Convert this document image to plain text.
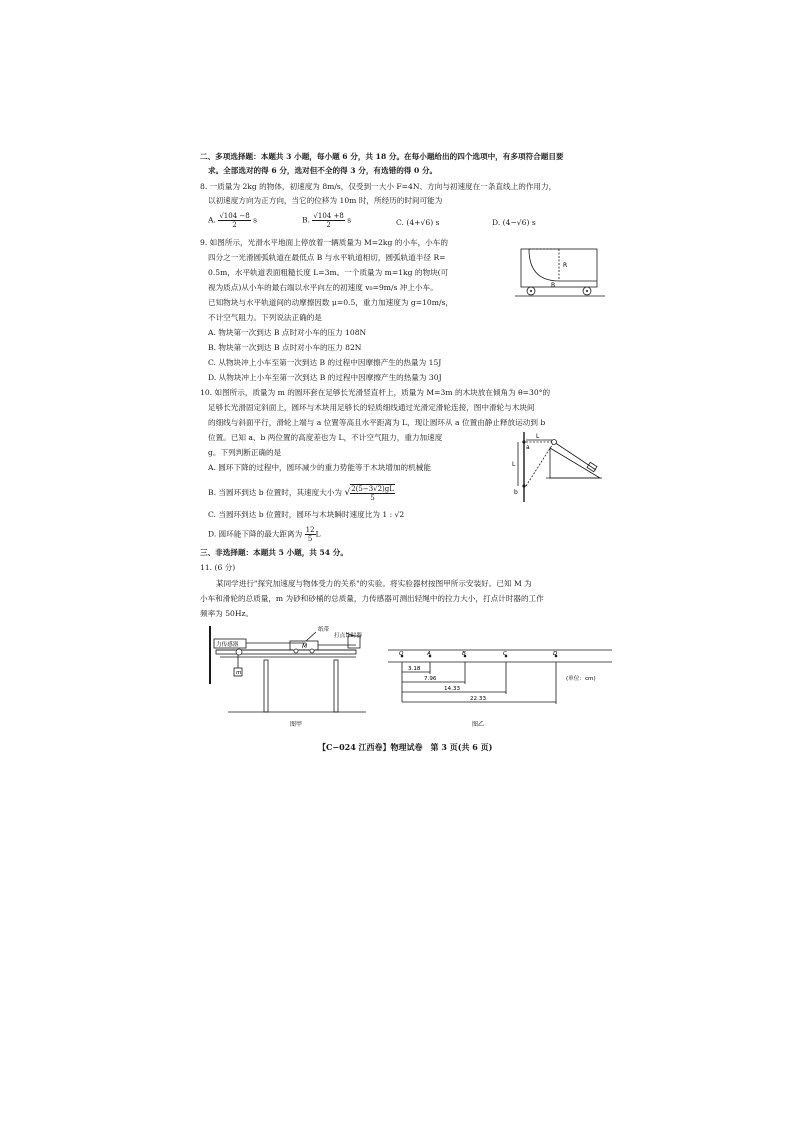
二、多项选择题：本题共 3 小题，每小题 6 分，共 18 分。在每小题给出的四个选项中，有多项符合题目要
求。全部选对的得 6 分，选对但不全的得 3 分，有选错的得 0 分。
8. 一质量为 2kg 的物体，初速度为 8m/s，仅受到一大小 F=4N、方向与初速度在一条直线上的作用力，
以初速度方向为正方向，当它的位移为 10m 时，所经历的时间可能为
A. $\frac{√104 -8}{2}$ s	B. $\frac{√104 +8}{2}$ s	C. (4+√6) s	D. (4−√6) s
9. 如图所示，光滑水平地面上停放着一辆质量为 M=2kg 的小车，小车的
四分之一光滑圆弧轨道在最低点 B 与水平轨道相切，圆弧轨道半径 R=
0.5m，水平轨道表面粗糙长度 L=3m。一个质量为 m=1kg 的物块(可
视为质点)从小车的最右端以水平向左的初速度 v₀=9m/s 冲上小车。
已知物块与水平轨道间的动摩擦因数 μ=0.5，重力加速度为 g=10m/s，
不计空气阻力。下列说法正确的是
A. 物块第一次到达 B 点时对小车的压力 108N
B. 物块第一次到达 B 点时对小车的压力 82N
C. 从物块冲上小车至第一次到达 B 的过程中因摩擦产生的热量为 15J
D. 从物块冲上小车至第一次到达 B 的过程中因摩擦产生的热量为 30J
R
B
10. 如图所示，质量为 m 的圆环套在足够长光滑竖直杆上，质量为 M=3m 的木块放在倾角为 θ=30°的
足够长光滑固定斜面上，圆环与木块用足够长的轻质细线通过光滑定滑轮连接，图中滑轮与木块间
的细线与斜面平行，滑轮上端与 a 位置等高且水平距离为 L，现让圆环从 a 位置由静止释放运动到 b
位置。已知 a、b 两位置的高度差也为 L，不计空气阻力，重力加速度
g。下列判断正确的是
A. 圆环下降的过程中，圆环减少的重力势能等于木块增加的机械能
B. 当圆环到达 b 位置时，其速度大小为 √ $\frac{2(5-3√2)gL}{5}$
C. 当圆环到达 b 位置时，圆环与木块瞬时速度比为 1 : √2
D. 圆环能下降的最大距离为 $\frac{12}{5}$ L
L
L
a
b
三、非选择题：本题共 5 小题，共 54 分。
11. (6 分)
某同学进行"探究加速度与物体受力的关系"的实验。将实验器材按图甲所示安装好。已知 M 为
小车和滑轮的总质量，m 为砂和砂桶的总质量，力传感器可测出轻绳中的拉力大小，打点计时器的工作
频率为 50Hz。
力传感器
纸带
打点计时器
M
m
图甲
O	A	B	C	D
3.18
7.96
14.33
22.33
(单位：cm)
图乙
【C−024 江西卷】物理试卷　第 3 页(共 6 页)
